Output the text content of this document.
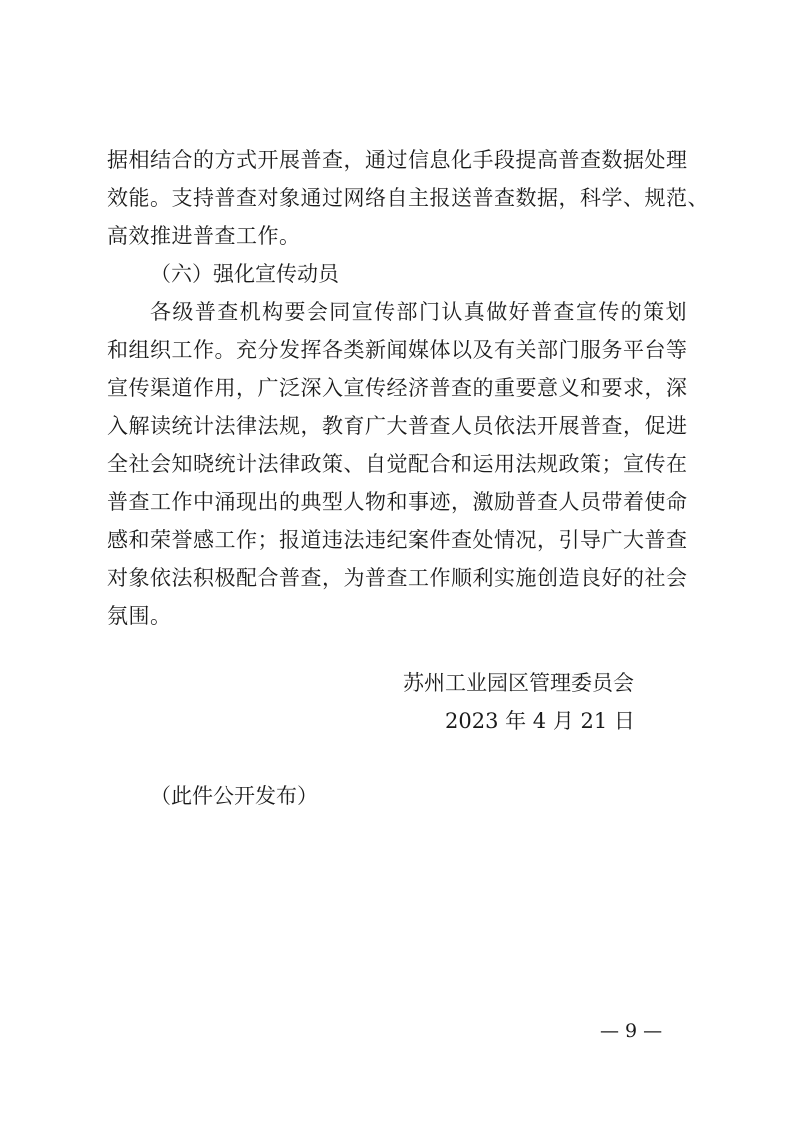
据相结合的方式开展普查，通过信息化手段提高普查数据处理
效能。支持普查对象通过网络自主报送普查数据，科学、规范、
高效推进普查工作。
（六）强化宣传动员
各级普查机构要会同宣传部门认真做好普查宣传的策划
和组织工作。充分发挥各类新闻媒体以及有关部门服务平台等
宣传渠道作用，广泛深入宣传经济普查的重要意义和要求，深
入解读统计法律法规，教育广大普查人员依法开展普查，促进
全社会知晓统计法律政策、自觉配合和运用法规政策；宣传在
普查工作中涌现出的典型人物和事迹，激励普查人员带着使命
感和荣誉感工作；报道违法违纪案件查处情况，引导广大普查
对象依法积极配合普查，为普查工作顺利实施创造良好的社会
氛围。
苏州工业园区管理委员会
2023 年 4 月 21 日
（此件公开发布）
— 9 —
